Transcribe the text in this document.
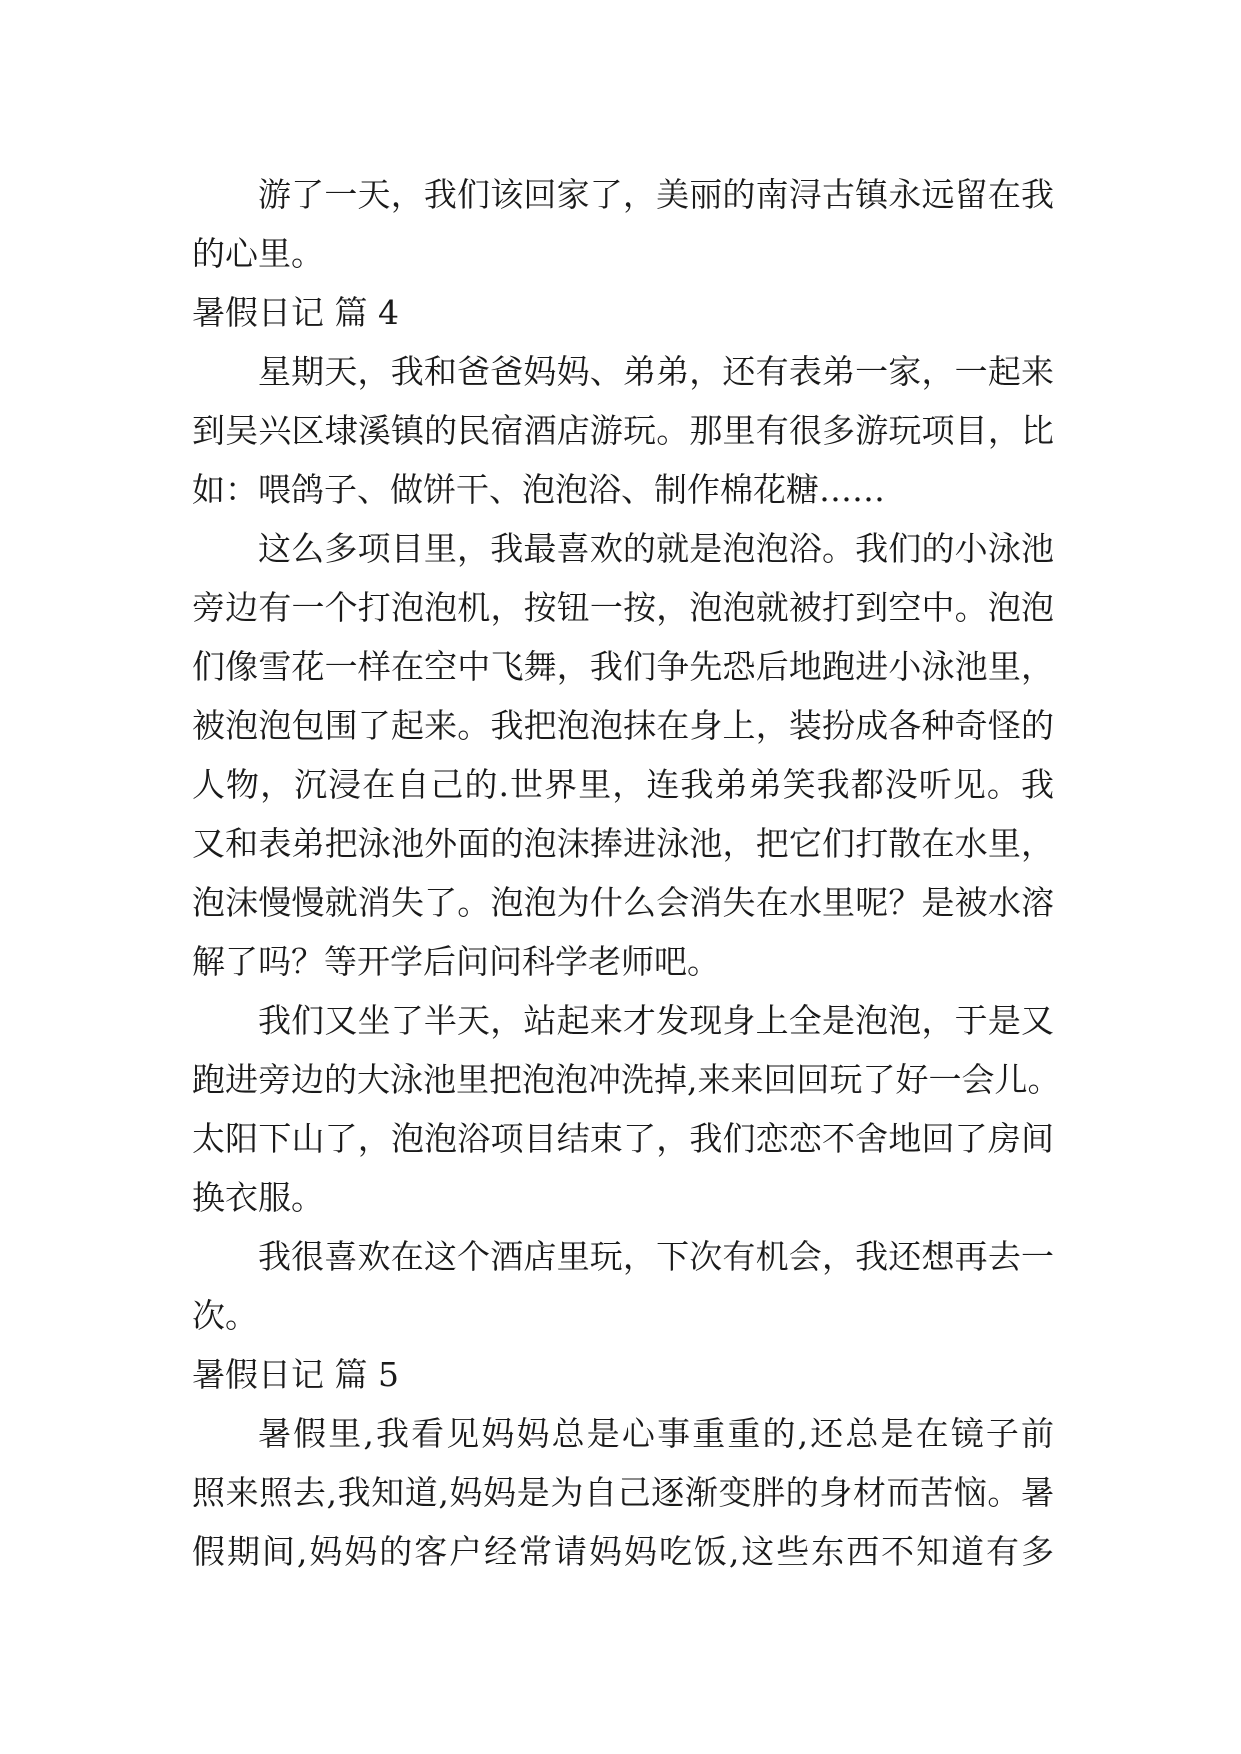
游了一天，我们该回家了，美丽的南浔古镇永远留在我
的心里。
暑假日记 篇 4
星期天，我和爸爸妈妈、弟弟，还有表弟一家，一起来
到吴兴区埭溪镇的民宿酒店游玩。那里有很多游玩项目，比
如：喂鸽子、做饼干、泡泡浴、制作棉花糖……
这么多项目里，我最喜欢的就是泡泡浴。我们的小泳池
旁边有一个打泡泡机，按钮一按，泡泡就被打到空中。泡泡
们像雪花一样在空中飞舞，我们争先恐后地跑进小泳池里，
被泡泡包围了起来。我把泡泡抹在身上，装扮成各种奇怪的
人物，沉浸在自己的.世界里，连我弟弟笑我都没听见。我
又和表弟把泳池外面的泡沫捧进泳池，把它们打散在水里，
泡沫慢慢就消失了。泡泡为什么会消失在水里呢？是被水溶
解了吗？等开学后问问科学老师吧。
我们又坐了半天，站起来才发现身上全是泡泡，于是又
跑进旁边的大泳池里把泡泡冲洗掉,来来回回玩了好一会儿。
太阳下山了，泡泡浴项目结束了，我们恋恋不舍地回了房间
换衣服。
我很喜欢在这个酒店里玩，下次有机会，我还想再去一
次。
暑假日记 篇 5
暑假里,我看见妈妈总是心事重重的,还总是在镜子前
照来照去,我知道,妈妈是为自己逐渐变胖的身材而苦恼。暑
假期间,妈妈的客户经常请妈妈吃饭,这些东西不知道有多
